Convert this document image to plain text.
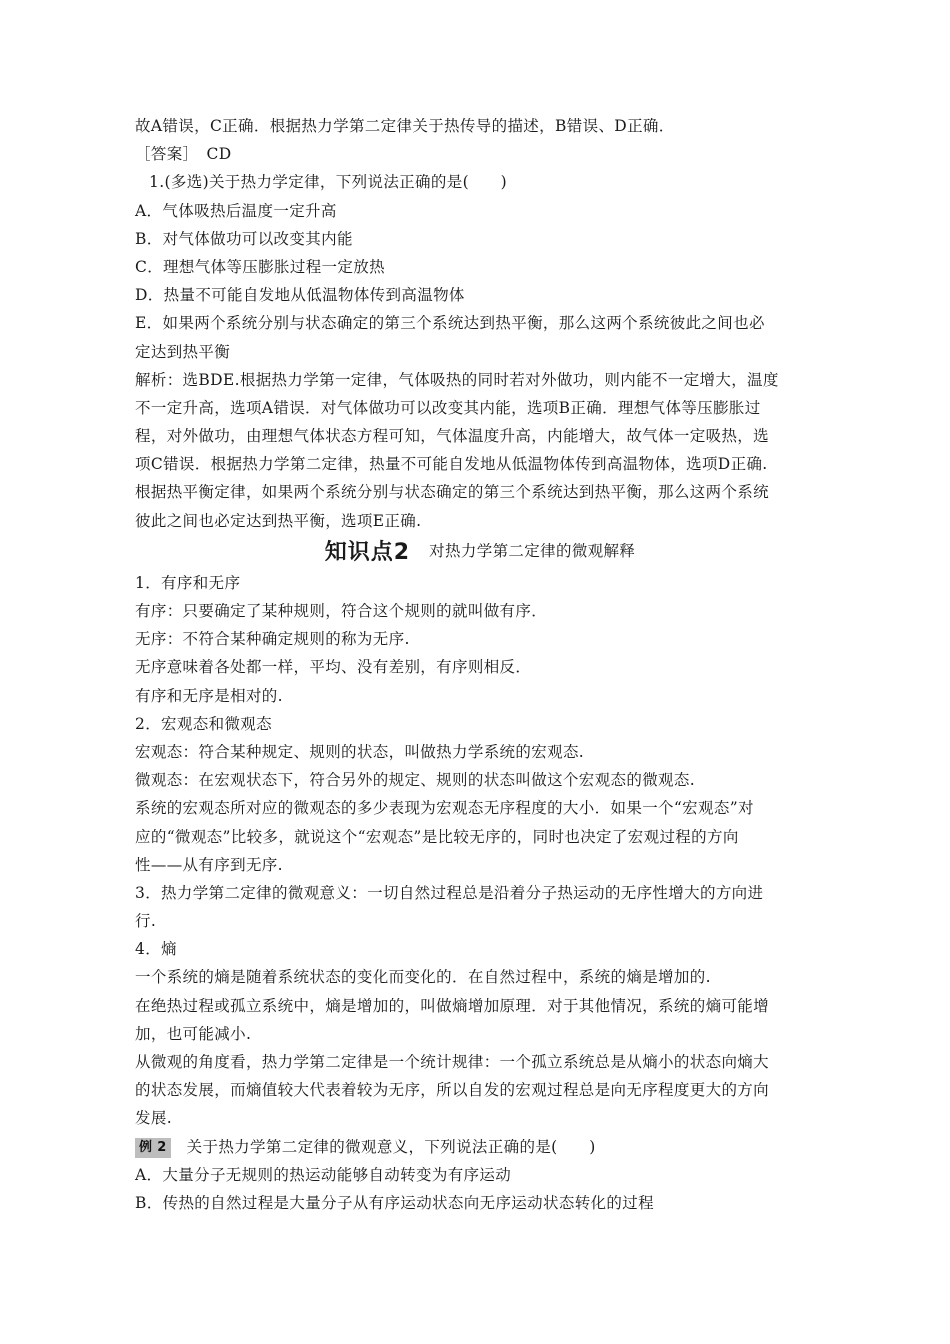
故A错误，C正确．根据热力学第二定律关于热传导的描述，B错误、D正确．
［答案］　CD
1.(多选)关于热力学定律，下列说法正确的是(　　)
A．气体吸热后温度一定升高
B．对气体做功可以改变其内能
C．理想气体等压膨胀过程一定放热
D．热量不可能自发地从低温物体传到高温物体
E．如果两个系统分别与状态确定的第三个系统达到热平衡，那么这两个系统彼此之间也必
定达到热平衡
解析：选BDE.根据热力学第一定律，气体吸热的同时若对外做功，则内能不一定增大，温度
不一定升高，选项A错误．对气体做功可以改变其内能，选项B正确．理想气体等压膨胀过
程，对外做功，由理想气体状态方程可知，气体温度升高，内能增大，故气体一定吸热，选
项C错误．根据热力学第二定律，热量不可能自发地从低温物体传到高温物体，选项D正确.
根据热平衡定律，如果两个系统分别与状态确定的第三个系统达到热平衡，那么这两个系统
彼此之间也必定达到热平衡，选项E正确.
知识点2 对热力学第二定律的微观解释
1．有序和无序
有序：只要确定了某种规则，符合这个规则的就叫做有序．
无序：不符合某种确定规则的称为无序.
无序意味着各处都一样，平均、没有差别，有序则相反．
有序和无序是相对的.
2．宏观态和微观态
宏观态：符合某种规定、规则的状态，叫做热力学系统的宏观态.
微观态：在宏观状态下，符合另外的规定、规则的状态叫做这个宏观态的微观态.
系统的宏观态所对应的微观态的多少表现为宏观态无序程度的大小．如果一个“宏观态”对
应的“微观态”比较多，就说这个“宏观态”是比较无序的，同时也决定了宏观过程的方向
性——从有序到无序.
3．热力学第二定律的微观意义：一切自然过程总是沿着分子热运动的无序性增大的方向进
行.
4．熵
一个系统的熵是随着系统状态的变化而变化的．在自然过程中，系统的熵是增加的.
在绝热过程或孤立系统中，熵是增加的，叫做熵增加原理．对于其他情况，系统的熵可能增
加，也可能减小.
从微观的角度看，热力学第二定律是一个统计规律：一个孤立系统总是从熵小的状态向熵大
的状态发展，而熵值较大代表着较为无序，所以自发的宏观过程总是向无序程度更大的方向
发展.
例 2 关于热力学第二定律的微观意义，下列说法正确的是(　　)
A．大量分子无规则的热运动能够自动转变为有序运动
B．传热的自然过程是大量分子从有序运动状态向无序运动状态转化的过程
